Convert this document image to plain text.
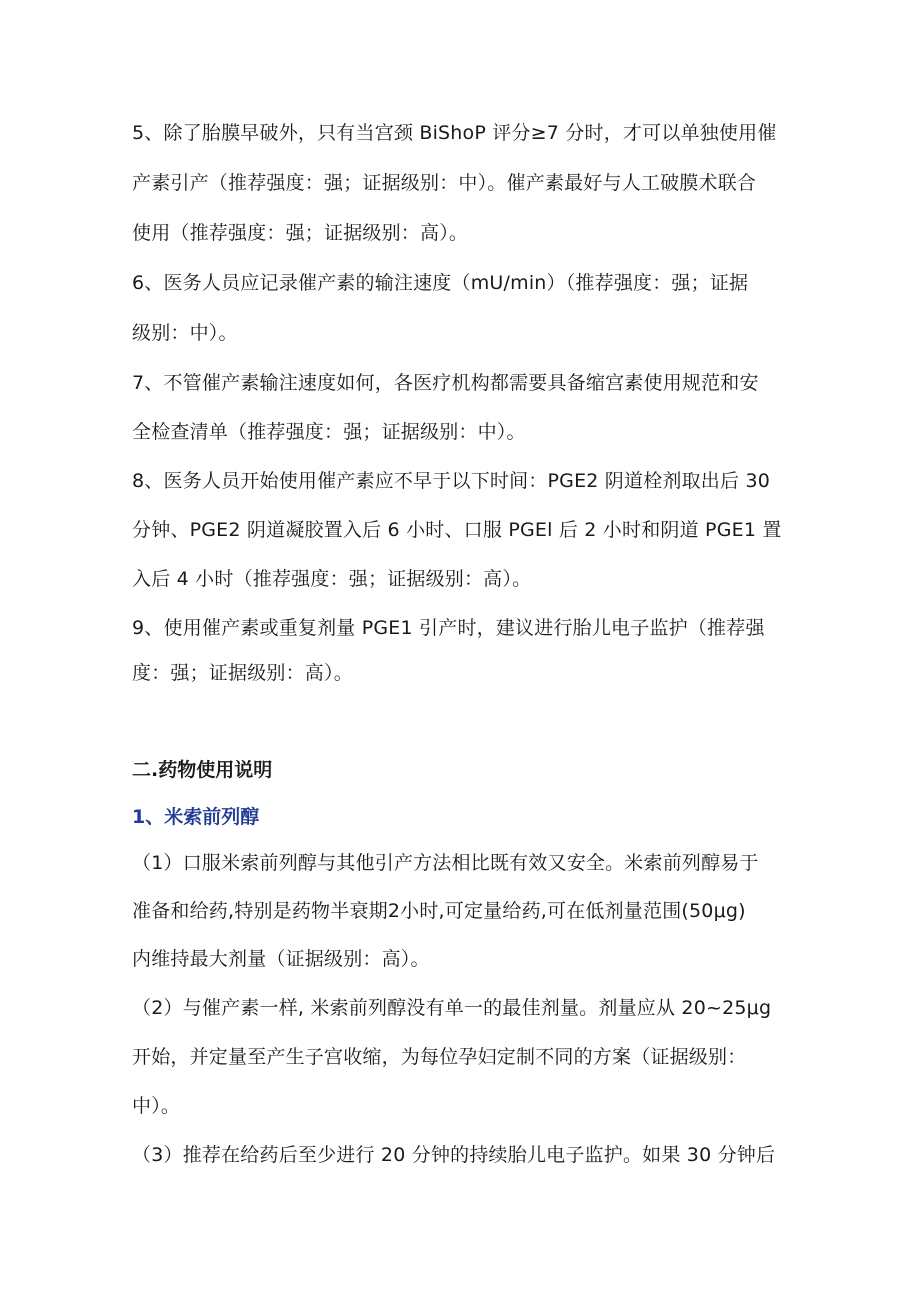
5、除了胎膜早破外，只有当宫颈 BiShoP 评分≥7 分时，才可以单独使用催
产素引产（推荐强度：强；证据级别：中）。催产素最好与人工破膜术联合
使用（推荐强度：强；证据级别：高）。
6、医务人员应记录催产素的输注速度（mU/min）（推荐强度：强；证据
级别：中）。
7、不管催产素输注速度如何，各医疗机构都需要具备缩宫素使用规范和安
全检查清单（推荐强度：强；证据级别：中）。
8、医务人员开始使用催产素应不早于以下时间：PGE2 阴道栓剂取出后 30
分钟、PGE2 阴道凝胶置入后 6 小时、口服 PGEl 后 2 小时和阴道 PGE1 置
入后 4 小时（推荐强度：强；证据级别：高）。
9、使用催产素或重复剂量 PGE1 引产时，建议进行胎儿电子监护（推荐强
度：强；证据级别：高）。
二.药物使用说明
1、米索前列醇
（1）口服米索前列醇与其他引产方法相比既有效又安全。米索前列醇易于
准备和给药,特别是药物半衰期2小时,可定量给药,可在低剂量范围(50μg)
内维持最大剂量（证据级别：高）。
（2）与催产素一样, 米索前列醇没有单一的最佳剂量。剂量应从 20~25μg
开始，并定量至产生子宫收缩，为每位孕妇定制不同的方案（证据级别：
中）。
（3）推荐在给药后至少进行 20 分钟的持续胎儿电子监护。如果 30 分钟后
